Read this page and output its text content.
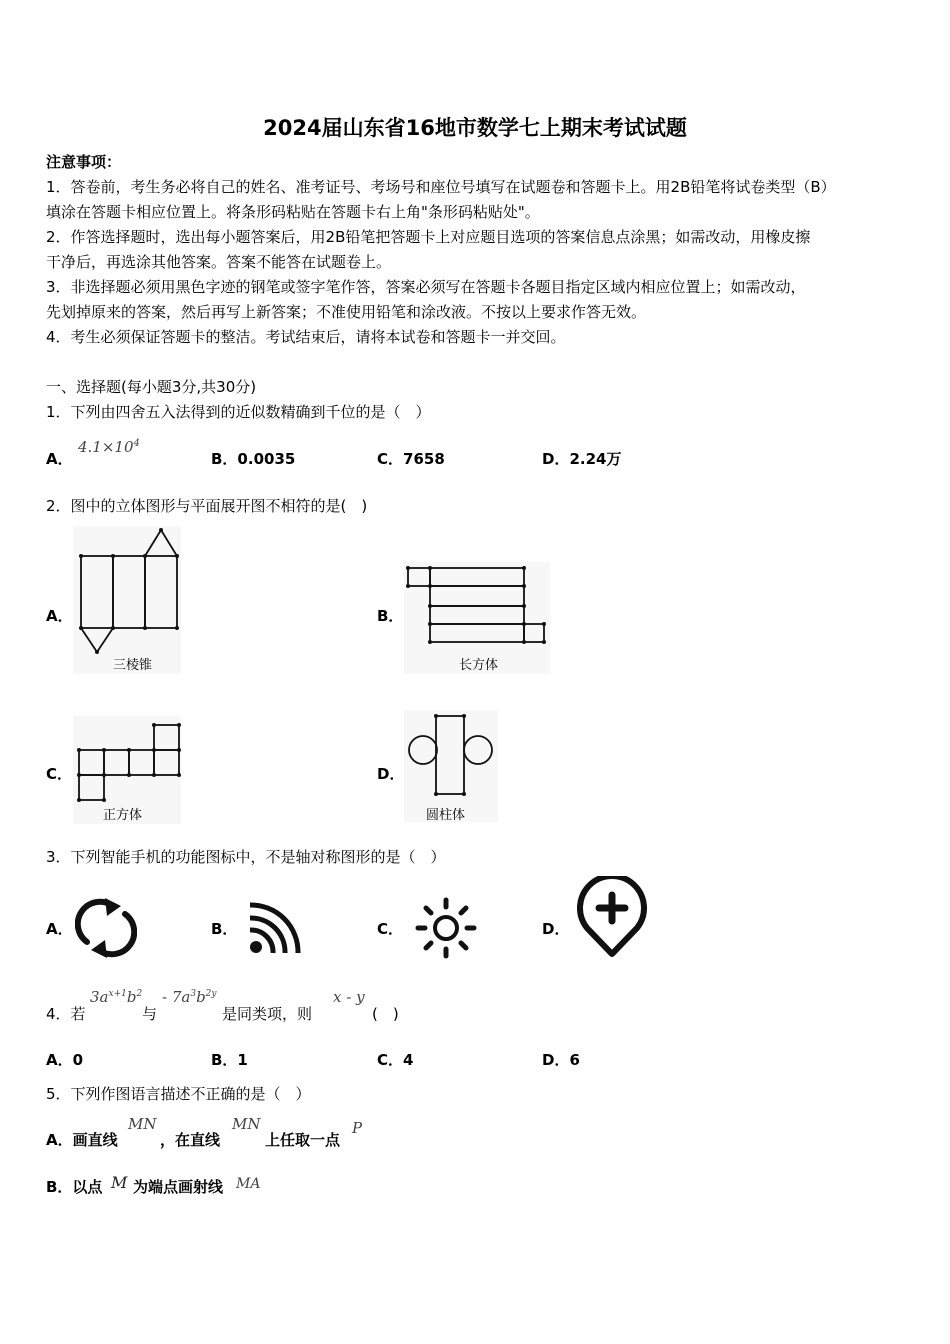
2024届山东省16地市数学七上期末考试试题
注意事项：
1．答卷前，考生务必将自己的姓名、准考证号、考场号和座位号填写在试题卷和答题卡上。用2B铅笔将试卷类型（B）
填涂在答题卡相应位置上。将条形码粘贴在答题卡右上角"条形码粘贴处"。
2．作答选择题时，选出每小题答案后，用2B铅笔把答题卡上对应题目选项的答案信息点涂黑；如需改动，用橡皮擦
干净后，再选涂其他答案。答案不能答在试题卷上。
3．非选择题必须用黑色字迹的钢笔或签字笔作答，答案必须写在答题卡各题目指定区域内相应位置上；如需改动，
先划掉原来的答案，然后再写上新答案；不准使用铅笔和涂改液。不按以上要求作答无效。
4．考生必须保证答题卡的整洁。考试结束后，请将本试卷和答题卡一并交回。
一、选择题(每小题3分,共30分)
1．下列由四舍五入法得到的近似数精确到千位的是（　）
A．
$4.1\times 10^4$
B．0.0035	C．7658	D．2.24万
2．图中的立体图形与平面展开图不相符的是(　)
A．
三棱锥
B．
长方体
C．
正方体
D．
圆柱体
3．下列智能手机的功能图标中，不是轴对称图形的是（　）
A．	B．	C．	D．
4．若
$3a^{x+1}b^2$
与
- $7a^3b^{2y}$
是同类项，则
x - y
(　)
A．0	B．1	C．4	D．6
5．下列作图语言描述不正确的是（　）
A．画直线
MN
，在直线
MN
上任取一点
P
B．以点 M 为端点画射线 MA
